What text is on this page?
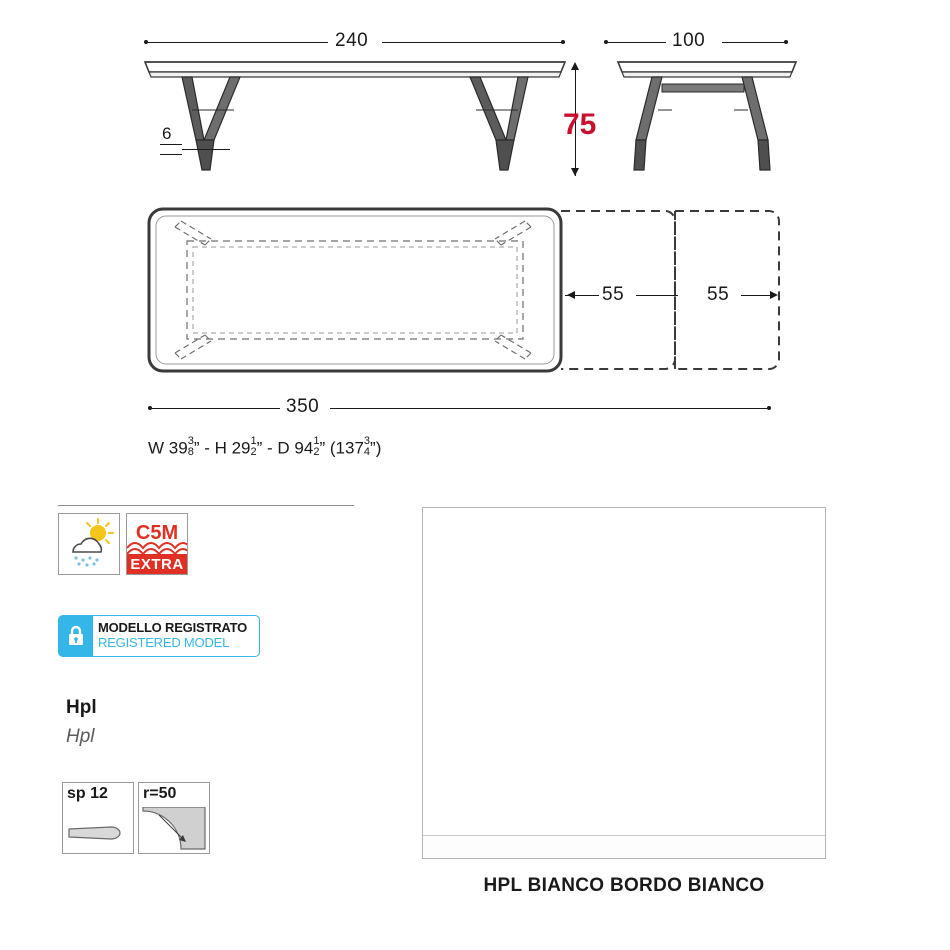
240
6
100
75
55	55
350
W 39 3
8 ” - H 29 1
2 ” - D 94 1
2 ” (137 3
4 ”)
C5M
EXTRA
MODELLO REGISTRATO
REGISTERED MODEL
Hpl
Hpl
sp 12 r=50
HPL BIANCO BORDO BIANCO
